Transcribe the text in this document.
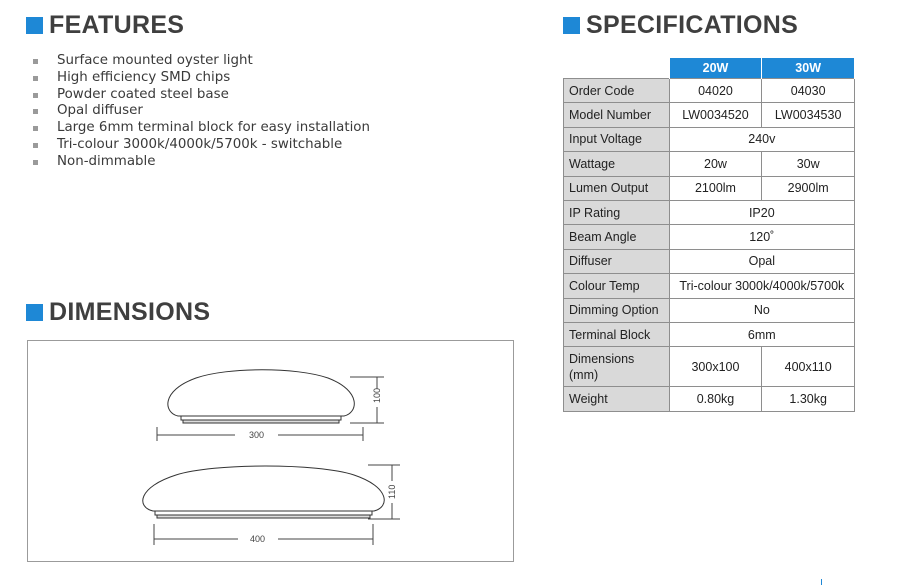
FEATURES
Surface mounted oyster light
High efficiency SMD chips
Powder coated steel base
Opal diffuser
Large 6mm terminal block for easy installation
Tri-colour 3000k/4000k/5700k - switchable
Non-dimmable
DIMENSIONS
300
400
100
110
SPECIFICATIONS
	20W	30W
Order Code	04020	04030
Model Number	LW0034520	LW0034530
Input Voltage	240v	
Wattage	20w	30w
Lumen Output	2100lm	2900lm
IP Rating	IP20	
Beam Angle	120˚	
Diffuser	Opal	
Colour Temp	Tri-colour 3000k/4000k/5700k	
Dimming Option	No	
Terminal Block	6mm	
Dimensions (mm)	300x100	400x110
Weight	0.80kg	1.30kg
